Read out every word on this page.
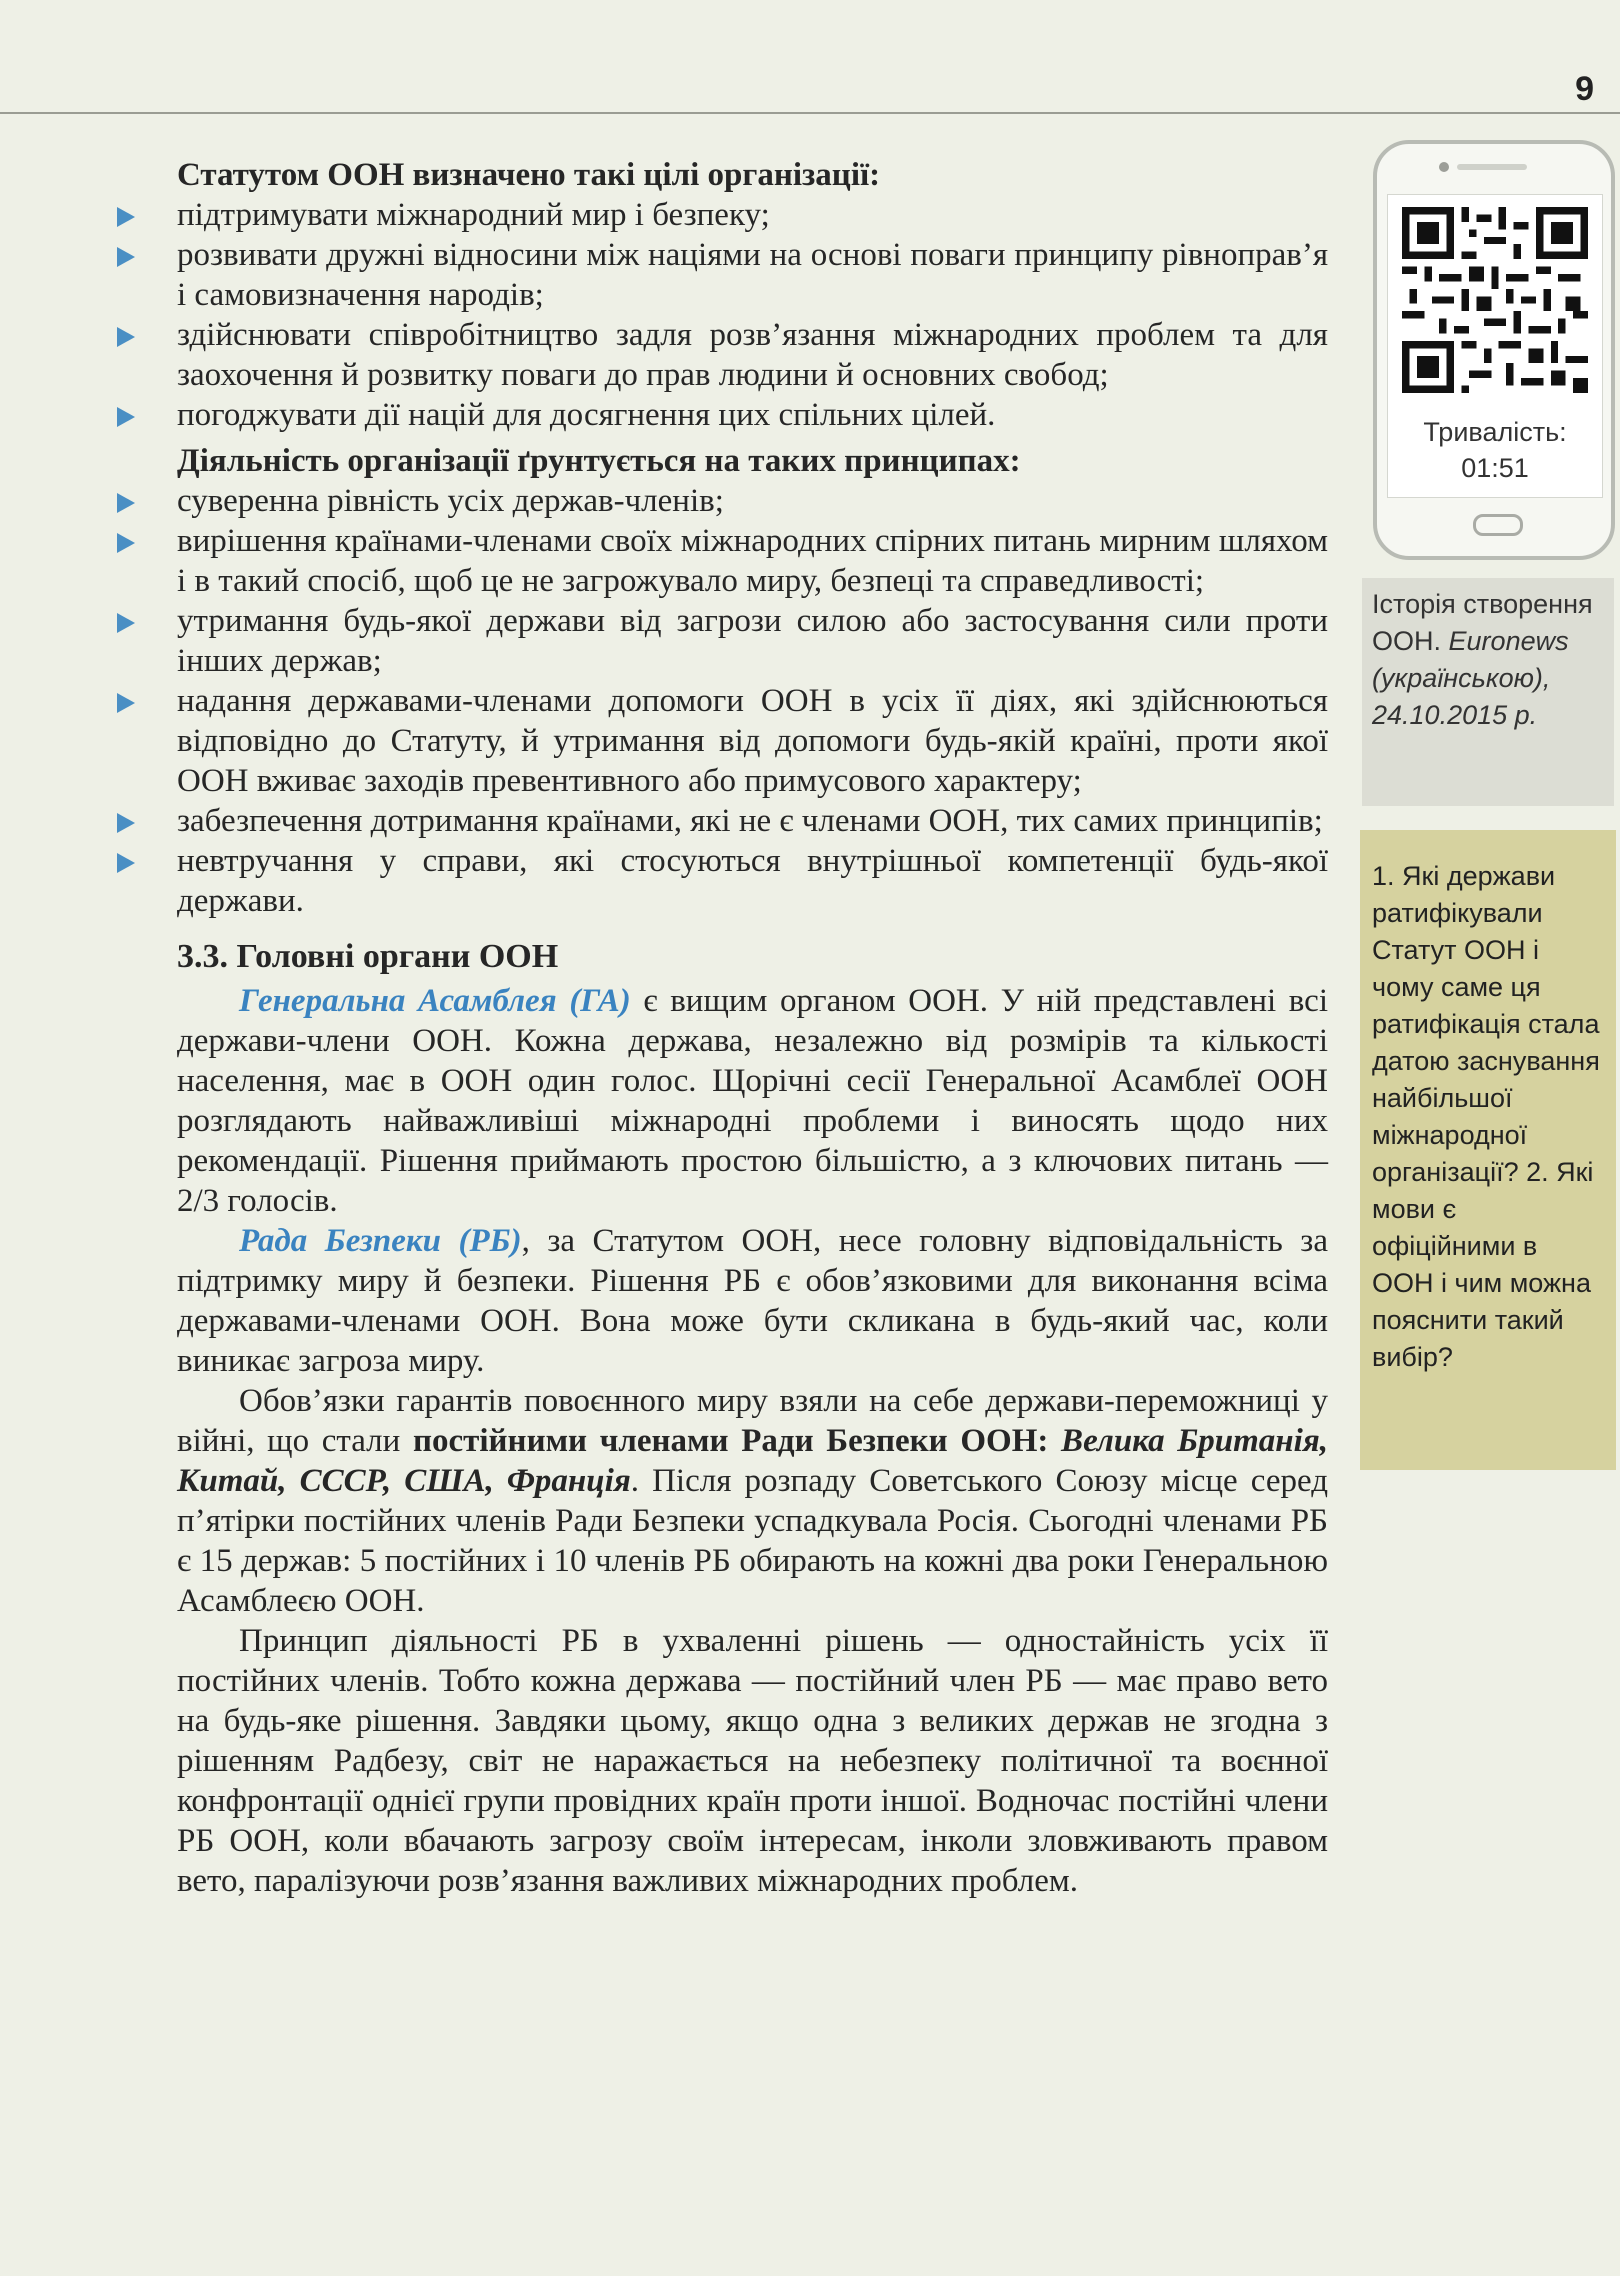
9

Статутом ООН визначено такі цілі організації:

підтримувати міжнародний мир і безпеку;
розвивати дружні відносини між націями на основі поваги принципу рівноправ’я і самовизначення народів;
здійснювати співробітництво задля розв’язання міжнародних проблем та для заохочення й розвитку поваги до прав людини й основних свобод;
погоджувати дії націй для досягнення цих спільних цілей.

Діяльність організації ґрунтується на таких принципах:

суверенна рівність усіх держав-членів;
вирішення країнами-членами своїх міжнародних спірних питань мирним шляхом і в такий спосіб, щоб це не загрожувало миру, безпеці та справедливості;
утримання будь-якої держави від загрози силою або застосування сили проти інших держав;
надання державами-членами допомоги ООН в усіх її діях, які здійснюються відповідно до Статуту, й утримання від допомоги будь-якій країні, проти якої ООН вживає заходів превентивного або примусового характеру;
забезпечення дотримання країнами, які не є членами ООН, тих самих принципів;
невтручання у справи, які стосуються внутрішньої компетенції будь-якої держави.

3.3. Головні органи ООН

Генеральна Асамблея (ГА) є вищим органом ООН. У ній представлені всі держави-члени ООН. Кожна держава, незалежно від розмірів та кількості населення, має в ООН один голос. Щорічні сесії Генеральної Асамблеї ООН розглядають найважливіші міжнародні проблеми і виносять щодо них рекомендації. Рішення приймають простою більшістю, а з ключових питань — 2/3 голосів.

Рада Безпеки (РБ), за Статутом ООН, несе головну відповідальність за підтримку миру й безпеки. Рішення РБ є обов’язковими для виконання всіма державами-членами ООН. Вона може бути скликана в будь-який час, коли виникає загроза миру.

Обов’язки гарантів повоєнного миру взяли на себе держави-переможниці у війні, що стали постійними членами Ради Безпеки ООН: Велика Британія, Китай, СССР, США, Франція. Після розпаду Советського Союзу місце серед п’ятірки постійних членів Ради Безпеки успадкувала Росія. Сьогодні членами РБ є 15 держав: 5 постійних і 10 членів РБ обирають на кожні два роки Генеральною Асамблеєю ООН.

Принцип діяльності РБ в ухваленні рішень — одностайність усіх її постійних членів. Тобто кожна держава — постійний член РБ — має право вето на будь-яке рішення. Завдяки цьому, якщо одна з великих держав не згодна з рішенням Радбезу, світ не наражається на небезпеку політичної та воєнної конфронтації однієї групи провідних країн проти іншої. Водночас постійні члени РБ ООН, коли вбачають загрозу своїм інтересам, інколи зловживають правом вето, паралізуючи розв’язання важливих міжнародних проблем.

Тривалість:
01:51
Історія створення ООН. Euronews (українською), 24.10.2015 р.
1. Які держави ратифікували Статут ООН і чому саме ця ратифікація стала датою заснування найбільшої міжнародної організації? 2. Які мови є офіційними в ООН і чим можна пояснити такий вибір?
